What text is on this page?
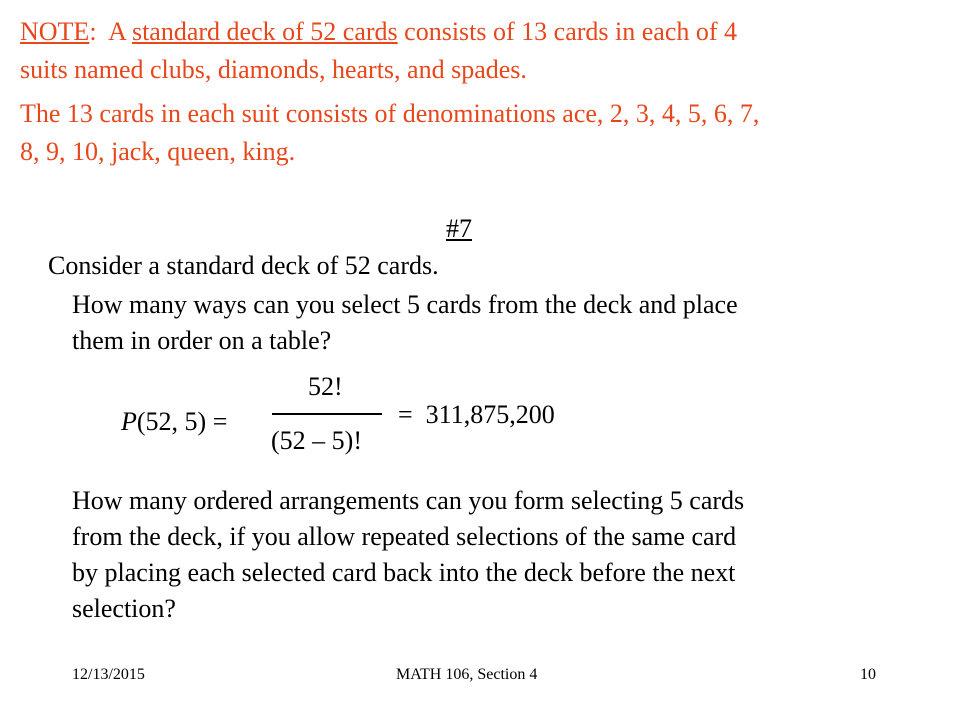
NOTE:  A standard deck of 52 cards consists of 13 cards in each of 4
suits named clubs, diamonds, hearts, and spades.
The 13 cards in each suit consists of denominations ace, 2, 3, 4, 5, 6, 7,
8, 9, 10, jack, queen, king.
#7
Consider a standard deck of 52 cards.
How many ways can you select 5 cards from the deck and place
them in order on a table?
P(52, 5) =
52!
(52 – 5)!
=  311,875,200
How many ordered arrangements can you form selecting 5 cards
from the deck, if you allow repeated selections of the same card
by placing each selected card back into the deck before the next
selection?
12/13/2015	MATH 106, Section 4	10
